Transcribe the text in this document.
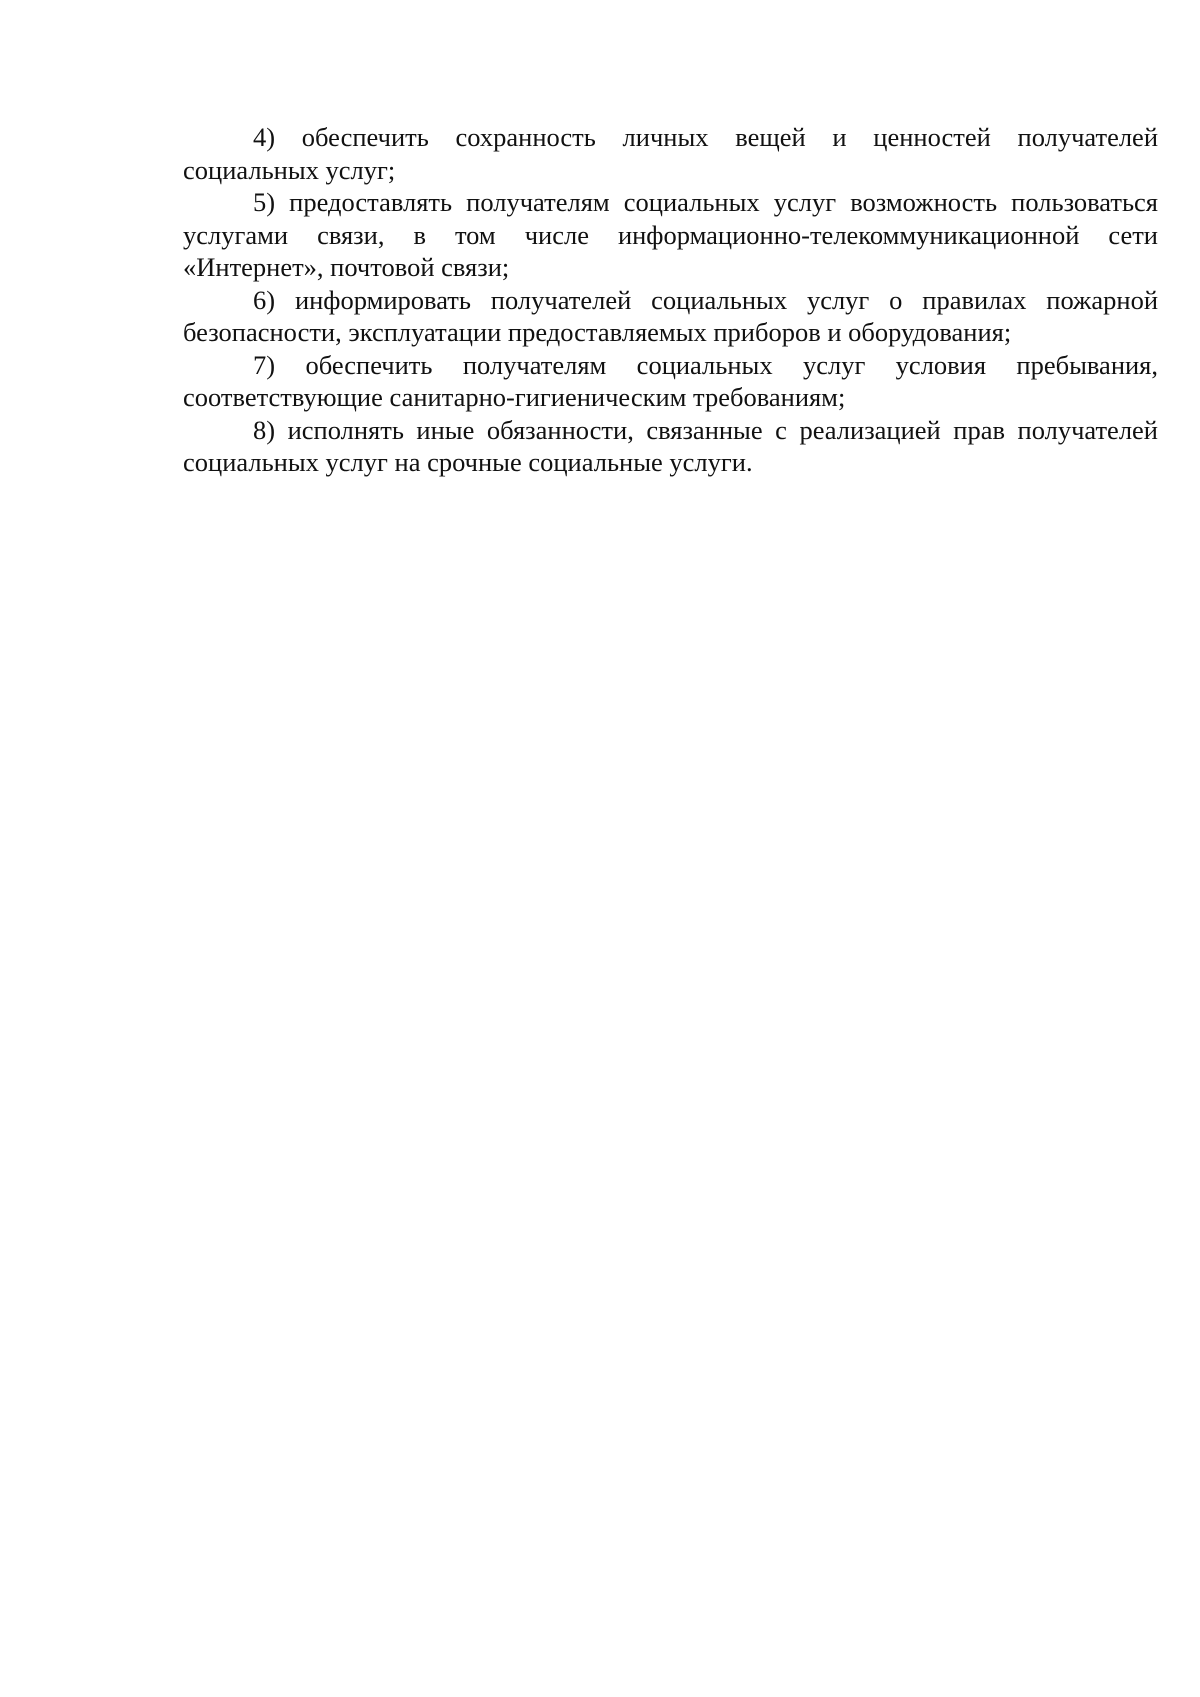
4) обеспечить сохранность личных вещей и ценностей получателей социальных услуг;

5) предоставлять получателям социальных услуг возможность пользоваться услугами связи, в том числе информационно-телекоммуникационной сети «Интернет», почтовой связи;

6) информировать получателей социальных услуг о правилах пожарной безопасности, эксплуатации предоставляемых приборов и оборудования;

7) обеспечить получателям социальных услуг условия пребывания, соответствующие санитарно-гигиеническим требованиям;

8) исполнять иные обязанности, связанные с реализацией прав получателей социальных услуг на срочные социальные услуги.
